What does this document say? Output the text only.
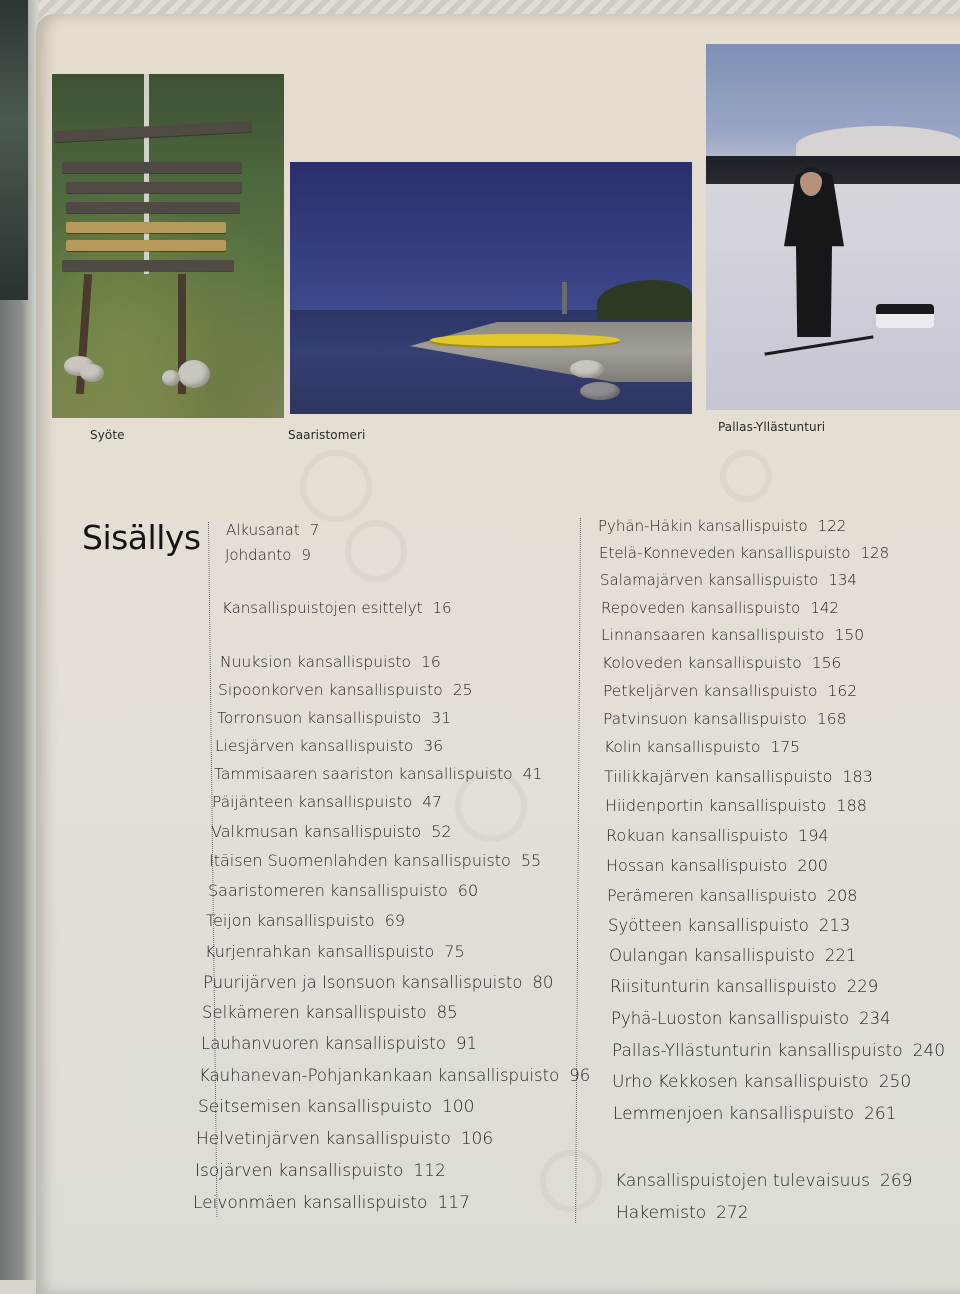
Syöte	Saaristomeri
Pallas-Yllästunturi
Sisällys Alkusanat 7
Johdanto 9
Kansallispuistojen esittelyt 16
Nuuksion kansallispuisto 16
Sipoonkorven kansallispuisto 25
Torronsuon kansallispuisto 31
Liesjärven kansallispuisto 36
Tammisaaren saariston kansallispuisto 41
Päijänteen kansallispuisto 47
Valkmusan kansallispuisto 52
Itäisen Suomenlahden kansallispuisto 55
Saaristomeren kansallispuisto 60
Teijon kansallispuisto 69
Kurjenrahkan kansallispuisto 75
Puurijärven ja Isonsuon kansallispuisto 80
Selkämeren kansallispuisto 85
Lauhanvuoren kansallispuisto 91
Kauhanevan-Pohjankankaan kansallispuisto 96
Seitsemisen kansallispuisto 100
Helvetinjärven kansallispuisto 106
Isojärven kansallispuisto 112
Leivonmäen kansallispuisto 117
Pyhän-Häkin kansallispuisto 122
Etelä-Konneveden kansallispuisto 128
Salamajärven kansallispuisto 134
Repoveden kansallispuisto 142
Linnansaaren kansallispuisto 150
Koloveden kansallispuisto 156
Petkeljärven kansallispuisto 162
Patvinsuon kansallispuisto 168
Kolin kansallispuisto 175
Tiilikkajärven kansallispuisto 183
Hiidenportin kansallispuisto 188
Rokuan kansallispuisto 194
Hossan kansallispuisto 200
Perämeren kansallispuisto 208
Syötteen kansallispuisto 213
Oulangan kansallispuisto 221
Riisitunturin kansallispuisto 229
Pyhä-Luoston kansallispuisto 234
Pallas-Yllästunturin kansallispuisto 240
Urho Kekkosen kansallispuisto 250
Lemmenjoen kansallispuisto 261
Kansallispuistojen tulevaisuus 269
Hakemisto 272
